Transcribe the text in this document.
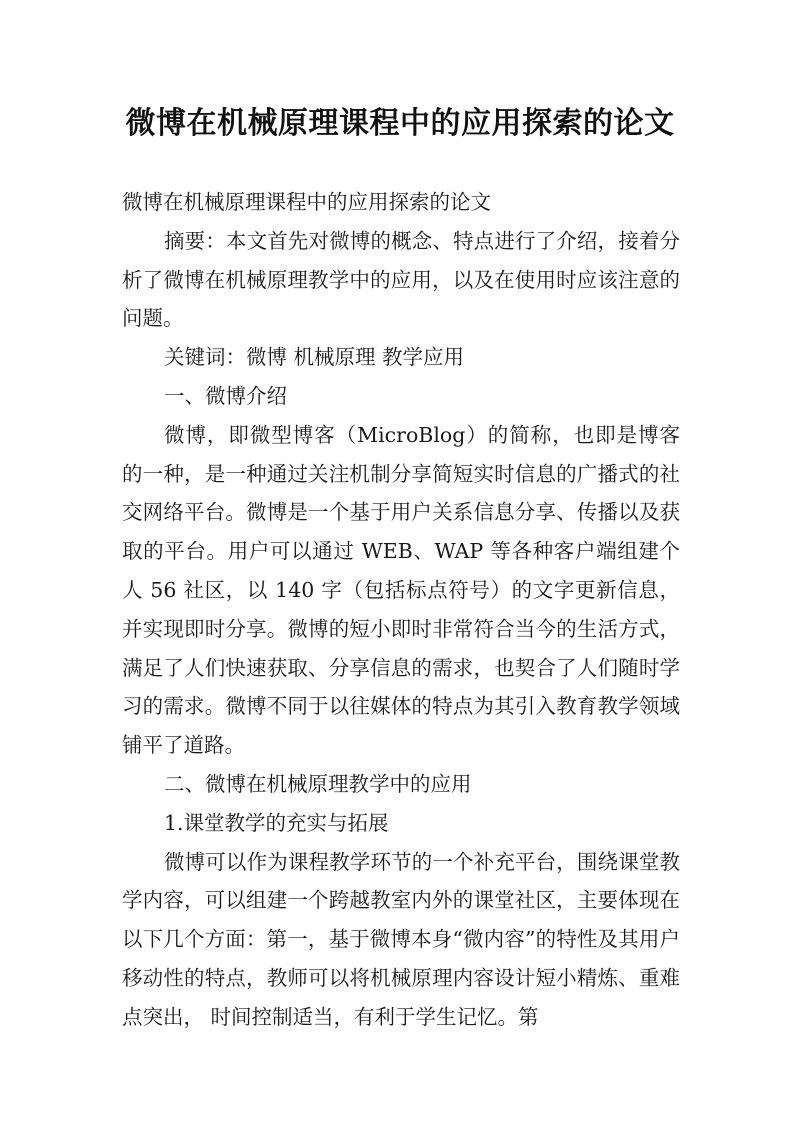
微博在机械原理课程中的应用探索的论文

微博在机械原理课程中的应用探索的论文

摘要：本文首先对微博的概念、特点进行了介绍，接着分析了微博在机械原理教学中的应用，以及在使用时应该注意的问题。

关键词：微博 机械原理 教学应用

一、微博介绍

微博，即微型博客（MicroBlog）的简称，也即是博客的一种，是一种通过关注机制分享简短实时信息的广播式的社交网络平台。微博是一个基于用户关系信息分享、传播以及获取的平台。用户可以通过 WEB、WAP 等各种客户端组建个人 56 社区，以 140 字（包括标点符号）的文字更新信息，并实现即时分享。微博的短小即时非常符合当今的生活方式，满足了人们快速获取、分享信息的需求，也契合了人们随时学习的需求。微博不同于以往媒体的特点为其引入教育教学领域铺平了道路。

二、微博在机械原理教学中的应用

1.课堂教学的充实与拓展

微博可以作为课程教学环节的一个补充平台，围绕课堂教学内容，可以组建一个跨越教室内外的课堂社区，主要体现在以下几个方面：第一，基于微博本身“微内容”的特性及其用户移动性的特点，教师可以将机械原理内容设计短小精炼、重难点突出， 时间控制适当，有利于学生记忆。第
